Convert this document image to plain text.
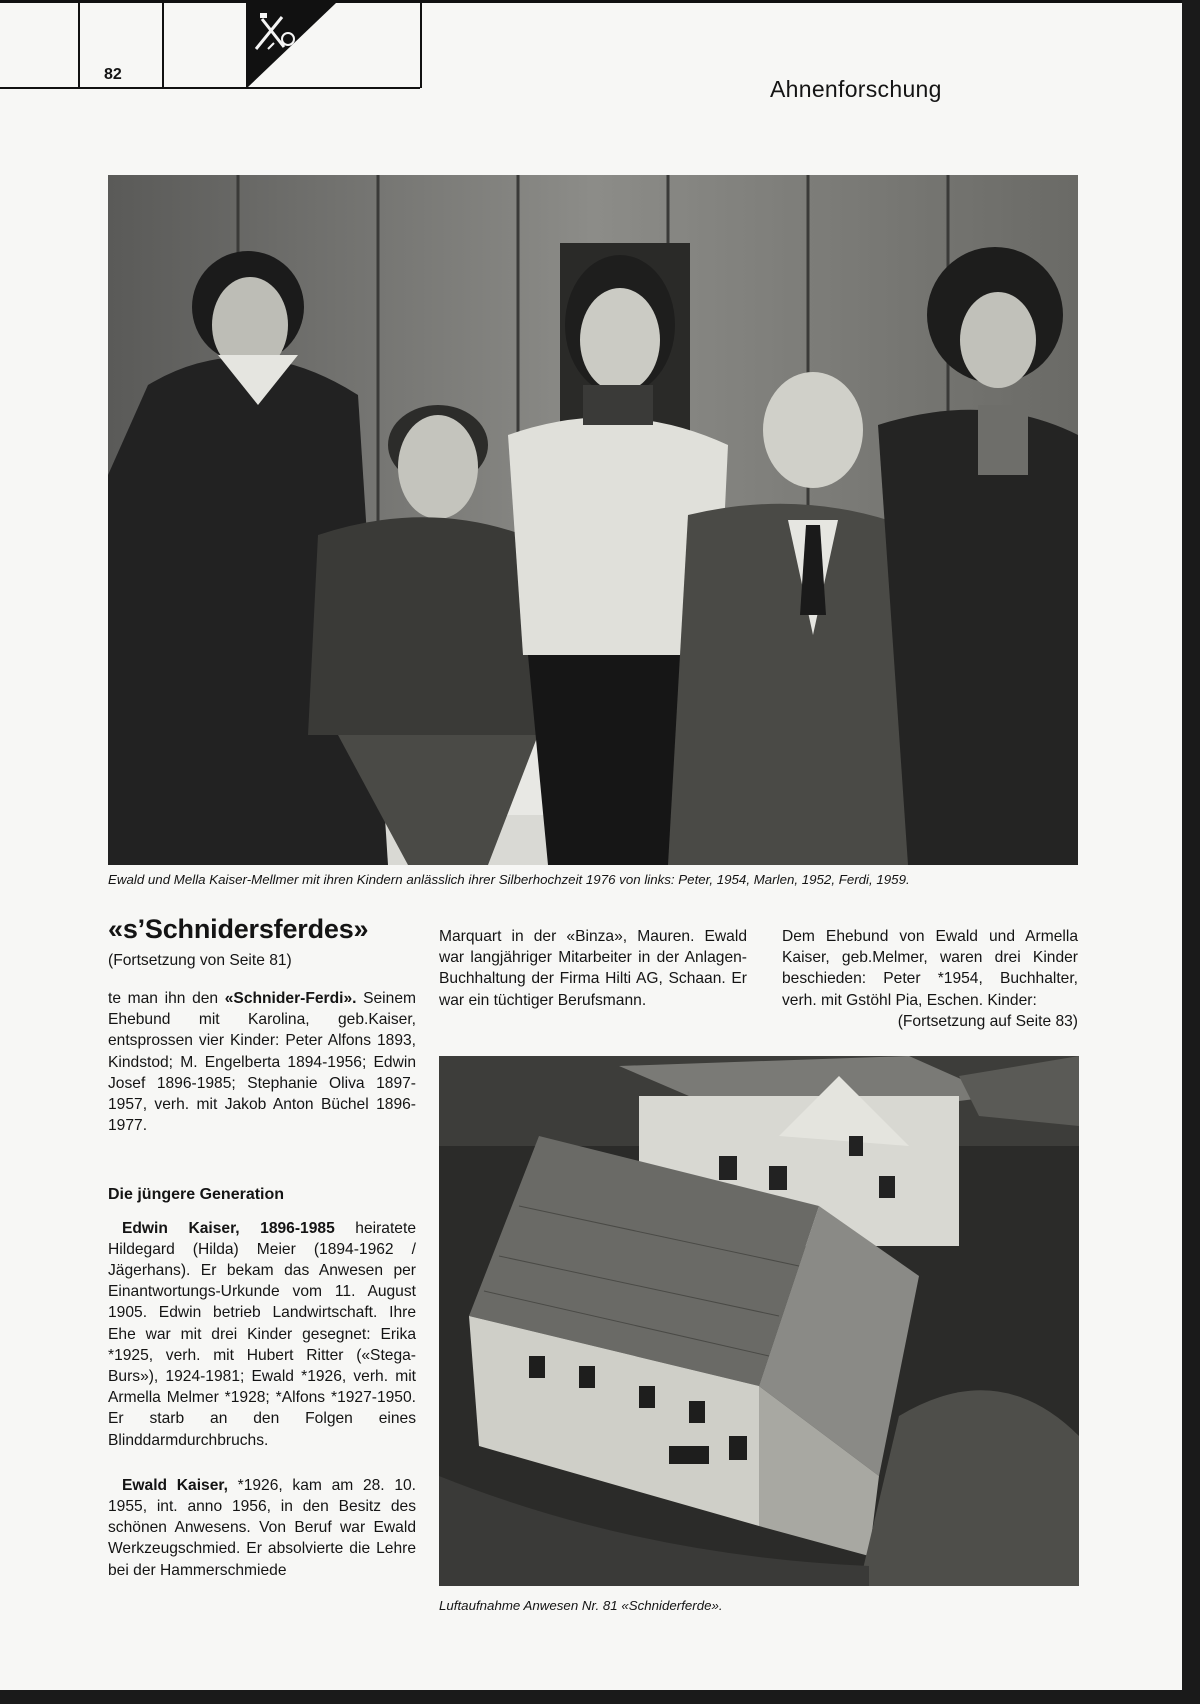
82
Ahnenforschung
Ewald und Mella Kaiser-Mellmer mit ihren Kindern anlässlich ihrer Silberhochzeit 1976 von links: Peter, 1954, Marlen, 1952, Ferdi, 1959.
«s’Schnidersferdes»
(Fortsetzung von Seite 81)

te man ihn den «Schnider-Ferdi». Seinem Ehebund mit Karolina, geb.Kaiser, entsprossen vier Kinder: Peter Alfons 1893, Kindstod; M. Engelberta 1894-1956; Edwin Josef 1896-1985; Stephanie Oliva 1897-1957, verh. mit Jakob Anton Büchel 1896-1977.

Die jüngere Generation

Edwin Kaiser, 1896-1985 heiratete Hildegard (Hilda) Meier (1894-1962 / Jägerhans). Er bekam das Anwesen per Einantwortungs-Urkunde vom 11. August 1905. Edwin betrieb Landwirtschaft. Ihre Ehe war mit drei Kinder gesegnet: Erika *1925, verh. mit Hubert Ritter («Stega-Burs»), 1924-1981; Ewald *1926, verh. mit Armella Melmer *1928; *Alfons *1927-1950. Er starb an den Folgen eines Blinddarmdurchbruchs.

Ewald Kaiser, *1926, kam am 28. 10. 1955, int. anno 1956, in den Besitz des schönen Anwesens. Von Beruf war Ewald Werkzeugschmied. Er absolvierte die Lehre bei der Hammerschmiede

Marquart in der «Binza», Mauren. Ewald war langjähriger Mitarbeiter in der Anlagen-Buchhaltung der Firma Hilti AG, Schaan. Er war ein tüchtiger Berufsmann.

Dem Ehebund von Ewald und Armella Kaiser, geb.Melmer, waren drei Kinder beschieden: Peter *1954, Buchhalter, verh. mit Gstöhl Pia, Eschen. Kinder:

(Fortsetzung auf Seite 83)
Luftaufnahme Anwesen Nr. 81 «Schniderferde».
